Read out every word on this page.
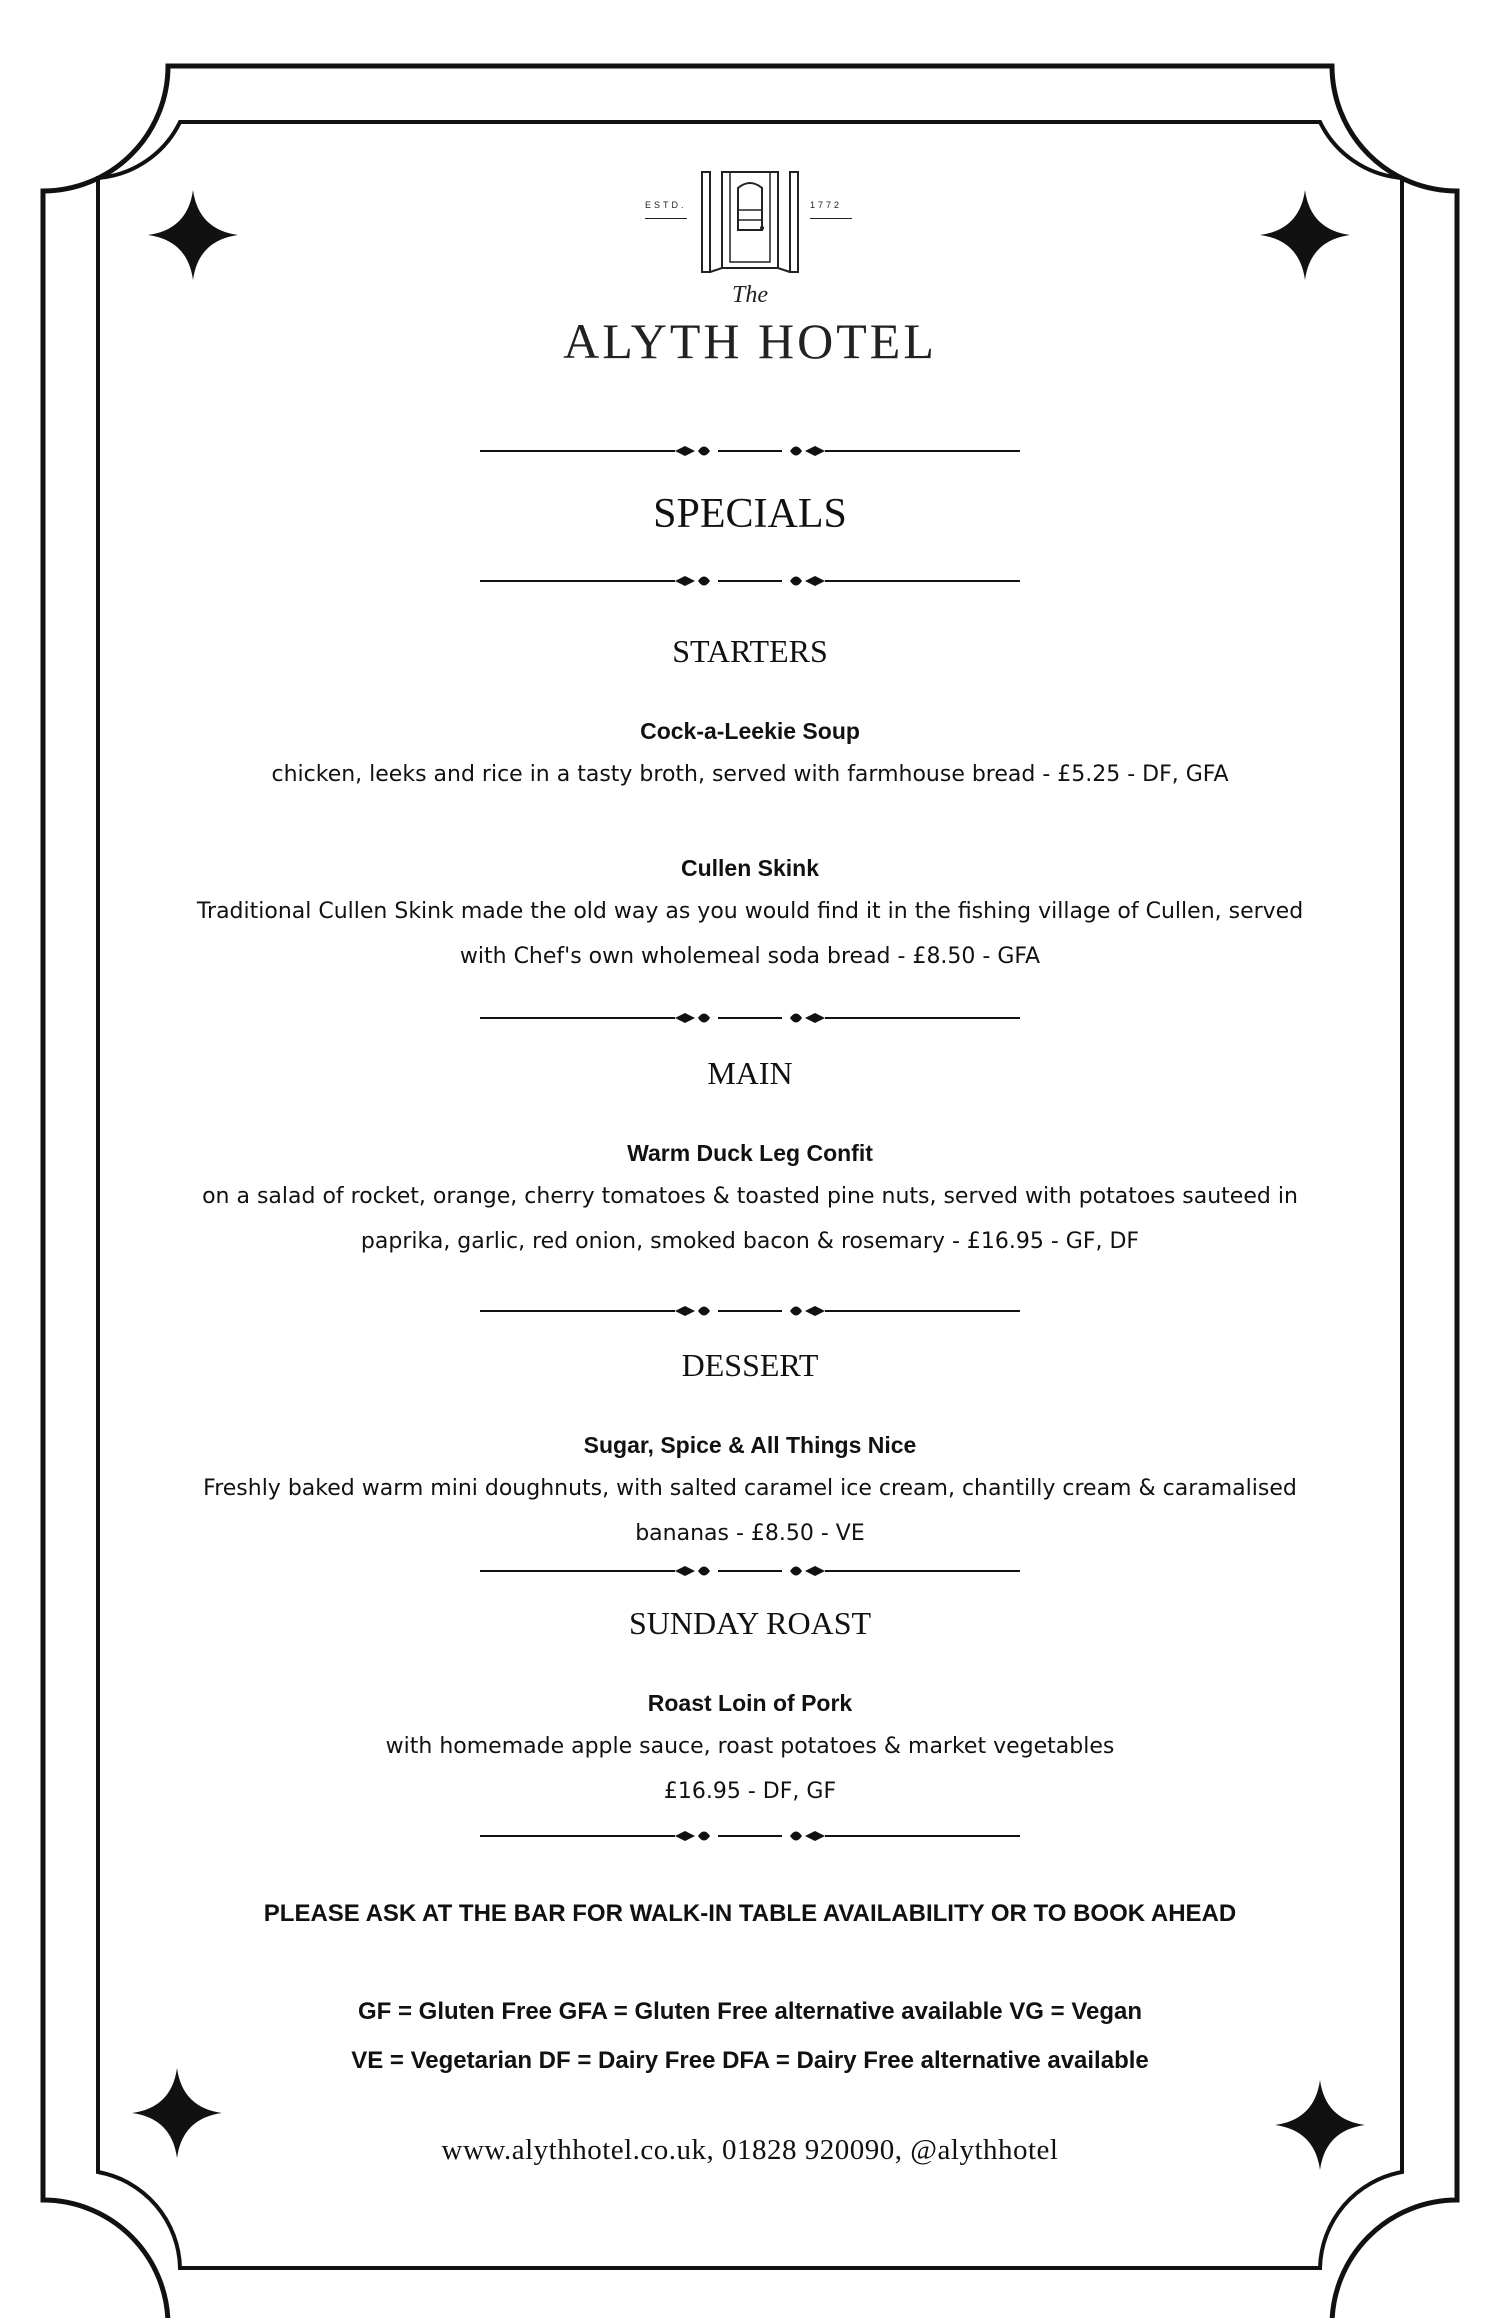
ESTD.	1772
The
ALYTH HOTEL
SPECIALS
STARTERS
Cock-a-Leekie Soup
chicken, leeks and rice in a tasty broth, served with farmhouse bread - £5.25 - DF, GFA
Cullen Skink
Traditional Cullen Skink made the old way as you would find it in the fishing village of Cullen, served with Chef's own wholemeal soda bread - £8.50 - GFA
MAIN
Warm Duck Leg Confit
on a salad of rocket, orange, cherry tomatoes & toasted pine nuts, served with potatoes sauteed in paprika, garlic, red onion, smoked bacon & rosemary - £16.95 - GF, DF
DESSERT
Sugar, Spice & All Things Nice
Freshly baked warm mini doughnuts, with salted caramel ice cream, chantilly cream & caramalised bananas - £8.50 - VE
SUNDAY ROAST
Roast Loin of Pork
with homemade apple sauce, roast potatoes & market vegetables
£16.95 - DF, GF
PLEASE ASK AT THE BAR FOR WALK-IN TABLE AVAILABILITY OR TO BOOK AHEAD
GF = Gluten Free GFA = Gluten Free alternative available VG = Vegan
VE = Vegetarian DF = Dairy Free DFA = Dairy Free alternative available
www.alythhotel.co.uk, 01828 920090, @alythhotel
